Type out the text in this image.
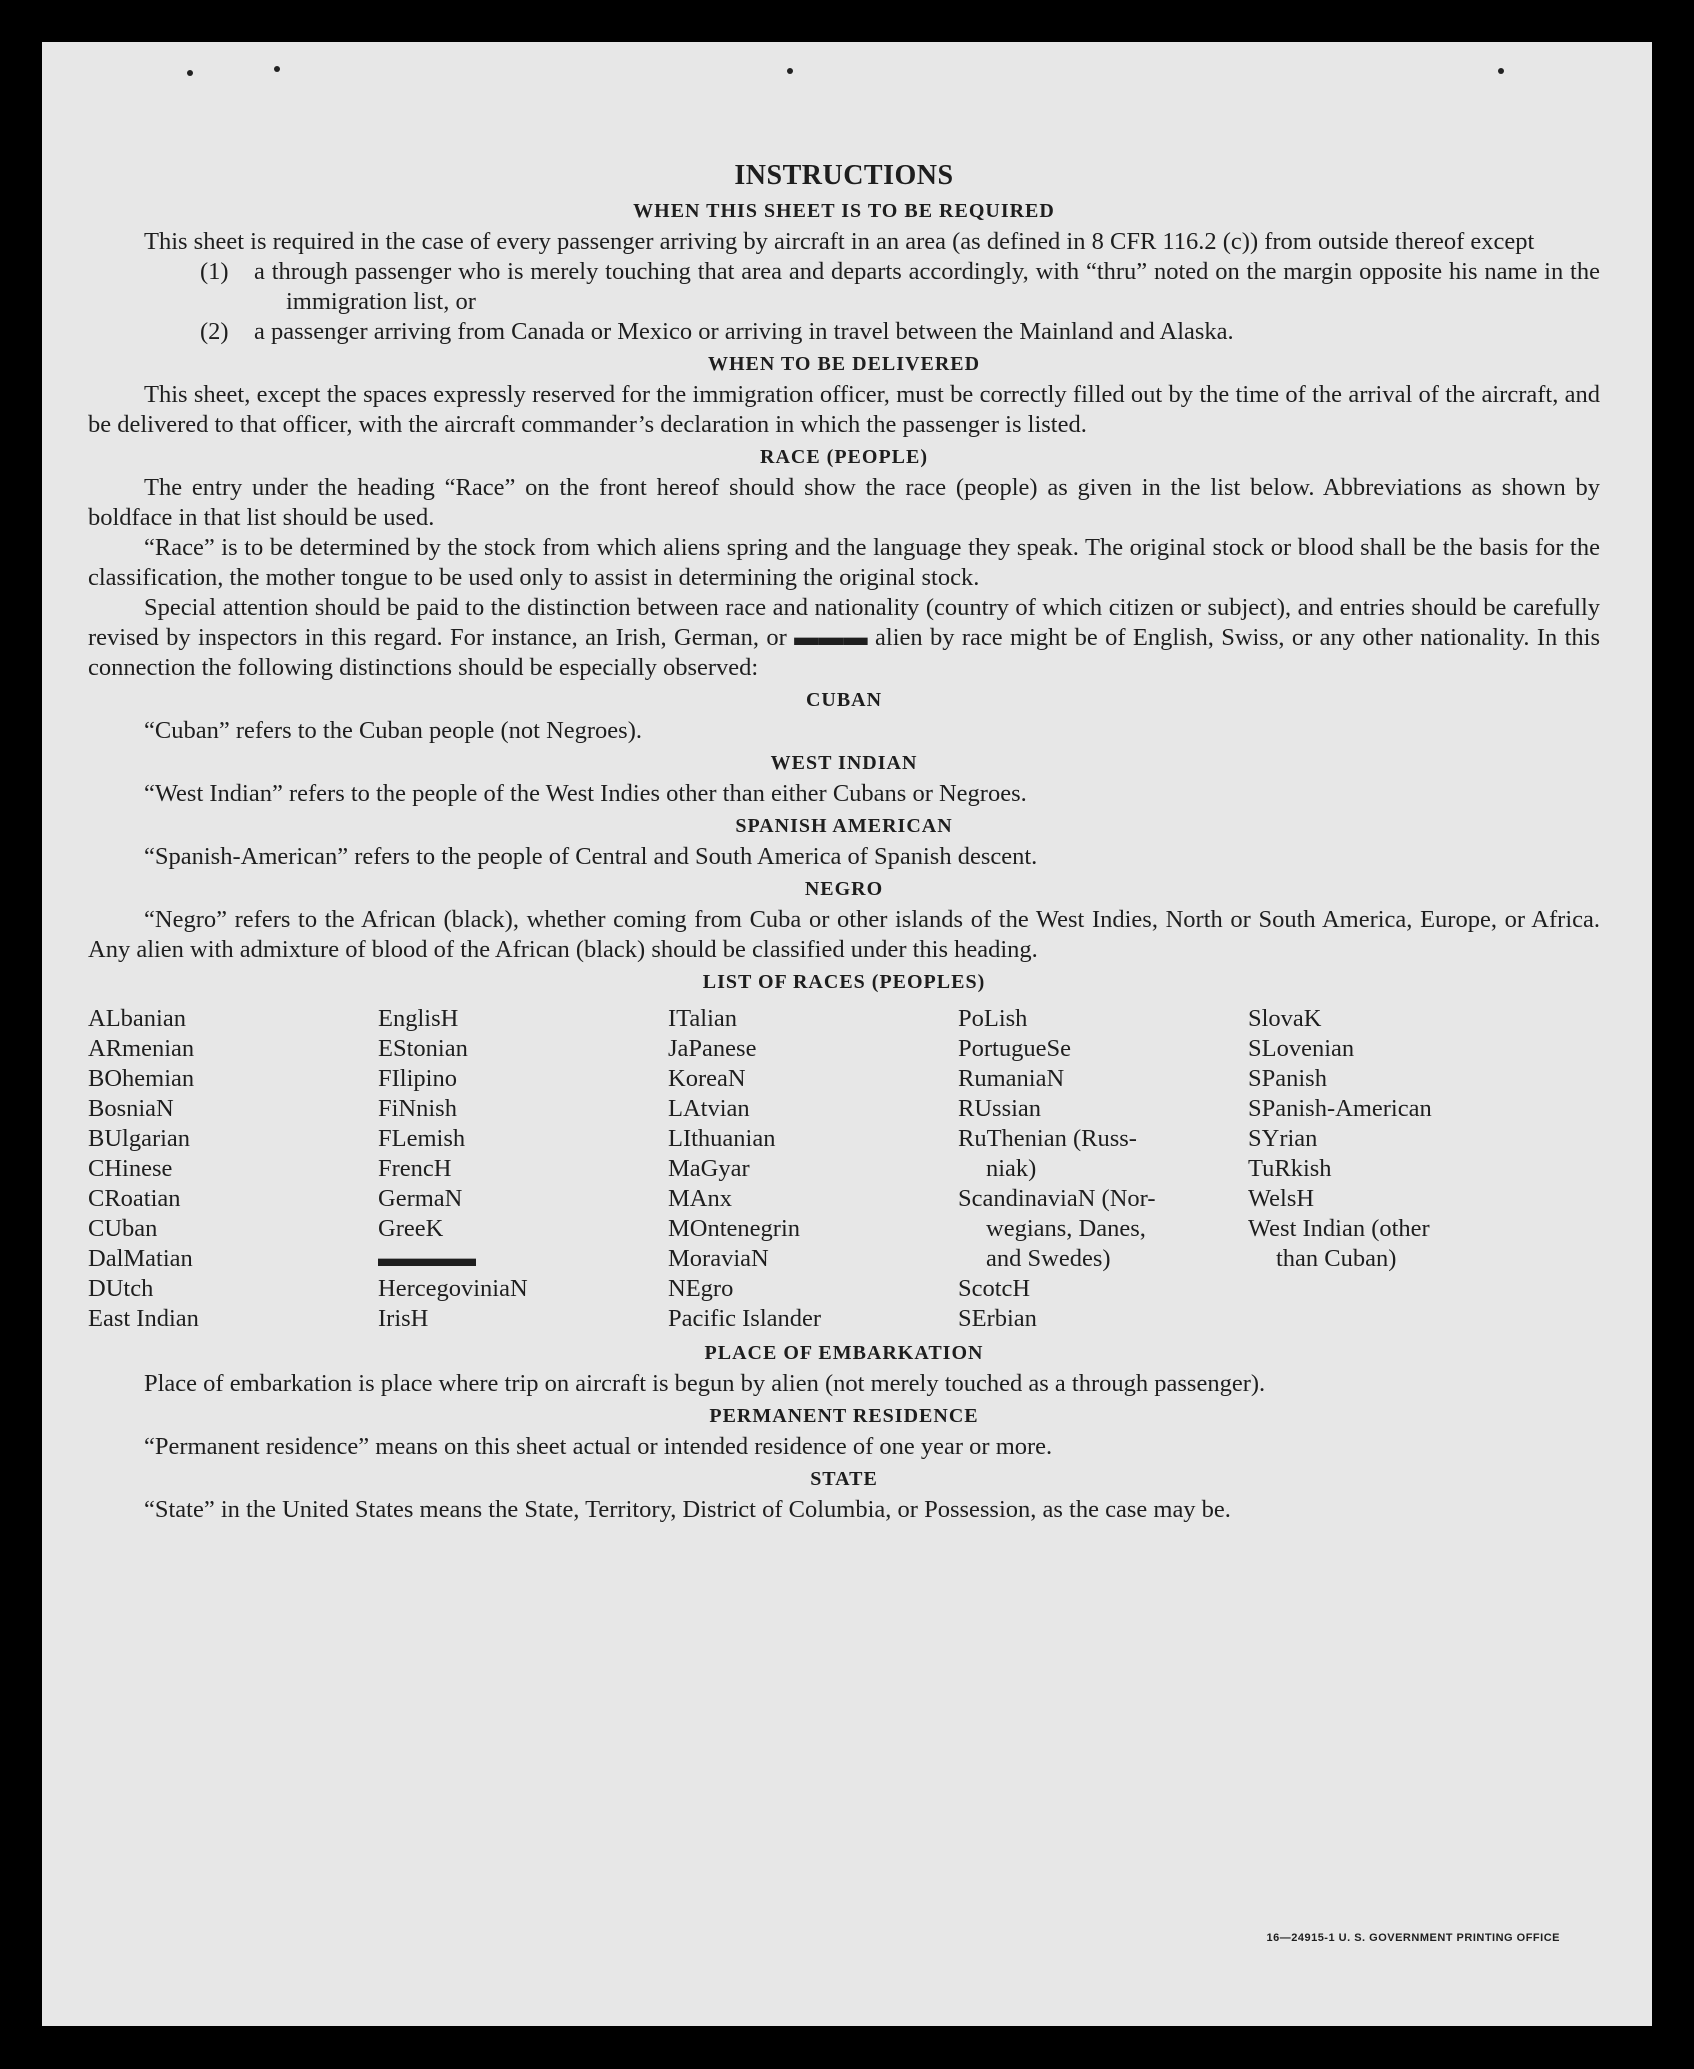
INSTRUCTIONS
WHEN THIS SHEET IS TO BE REQUIRED

This sheet is required in the case of every passenger arriving by aircraft in an area (as defined in 8 CFR 116.2 (c)) from outside thereof except

(1) a through passenger who is merely touching that area and departs accordingly, with “thru” noted on the margin opposite his name in the immigration list, or
(2) a passenger arriving from Canada or Mexico or arriving in travel between the Mainland and Alaska.
WHEN TO BE DELIVERED

This sheet, except the spaces expressly reserved for the immigration officer, must be correctly filled out by the time of the arrival of the aircraft, and be delivered to that officer, with the aircraft commander’s declaration in which the passenger is listed.

RACE (PEOPLE)

The entry under the heading “Race” on the front hereof should show the race (people) as given in the list below. Abbreviations as shown by boldface in that list should be used.

“Race” is to be determined by the stock from which aliens spring and the language they speak. The original stock or blood shall be the basis for the classification, the mother tongue to be used only to assist in determining the original stock.

Special attention should be paid to the distinction between race and nationality (country of which citizen or subject), and entries should be carefully revised by inspectors in this regard. For instance, an Irish, German, or ▬▬▬ alien by race might be of English, Swiss, or any other nationality. In this connection the following distinctions should be especially observed:

CUBAN

“Cuban” refers to the Cuban people (not Negroes).

WEST INDIAN

“West Indian” refers to the people of the West Indies other than either Cubans or Negroes.

SPANISH AMERICAN

“Spanish-American” refers to the people of Central and South America of Spanish descent.

NEGRO

“Negro” refers to the African (black), whether coming from Cuba or other islands of the West Indies, North or South America, Europe, or Africa. Any alien with admixture of blood of the African (black) should be classified under this heading.

LIST OF RACES (PEOPLES)
ALbanian
ARmenian
BOhemian
BosniaN
BUlgarian
CHinese
CRoatian
CUban
DalMatian
DUtch
East Indian
EnglisH
EStonian
FIlipino
FiNnish
FLemish
FrencH
GermaN
GreeK
▬▬▬▬
HercegoviniaN
IrisH
ITalian
JaPanese
KoreaN
LAtvian
LIthuanian
MaGyar
MAnx
MOntenegrin
MoraviaN
NEgro
Pacific Islander
PoLish
PortugueSe
RumaniaN
RUssian
RuThenian (Russ-
niak)
ScandinaviaN (Nor-
wegians, Danes,
and Swedes)
ScotcH
SErbian
SlovaK
SLovenian
SPanish
SPanish-American
SYrian
TuRkish
WelsH
West Indian (other
than Cuban)
PLACE OF EMBARKATION

Place of embarkation is place where trip on aircraft is begun by alien (not merely touched as a through passenger).

PERMANENT RESIDENCE

“Permanent residence” means on this sheet actual or intended residence of one year or more.

STATE

“State” in the United States means the State, Territory, District of Columbia, or Possession, as the case may be.

16—24915-1 U. S. GOVERNMENT PRINTING OFFICE
